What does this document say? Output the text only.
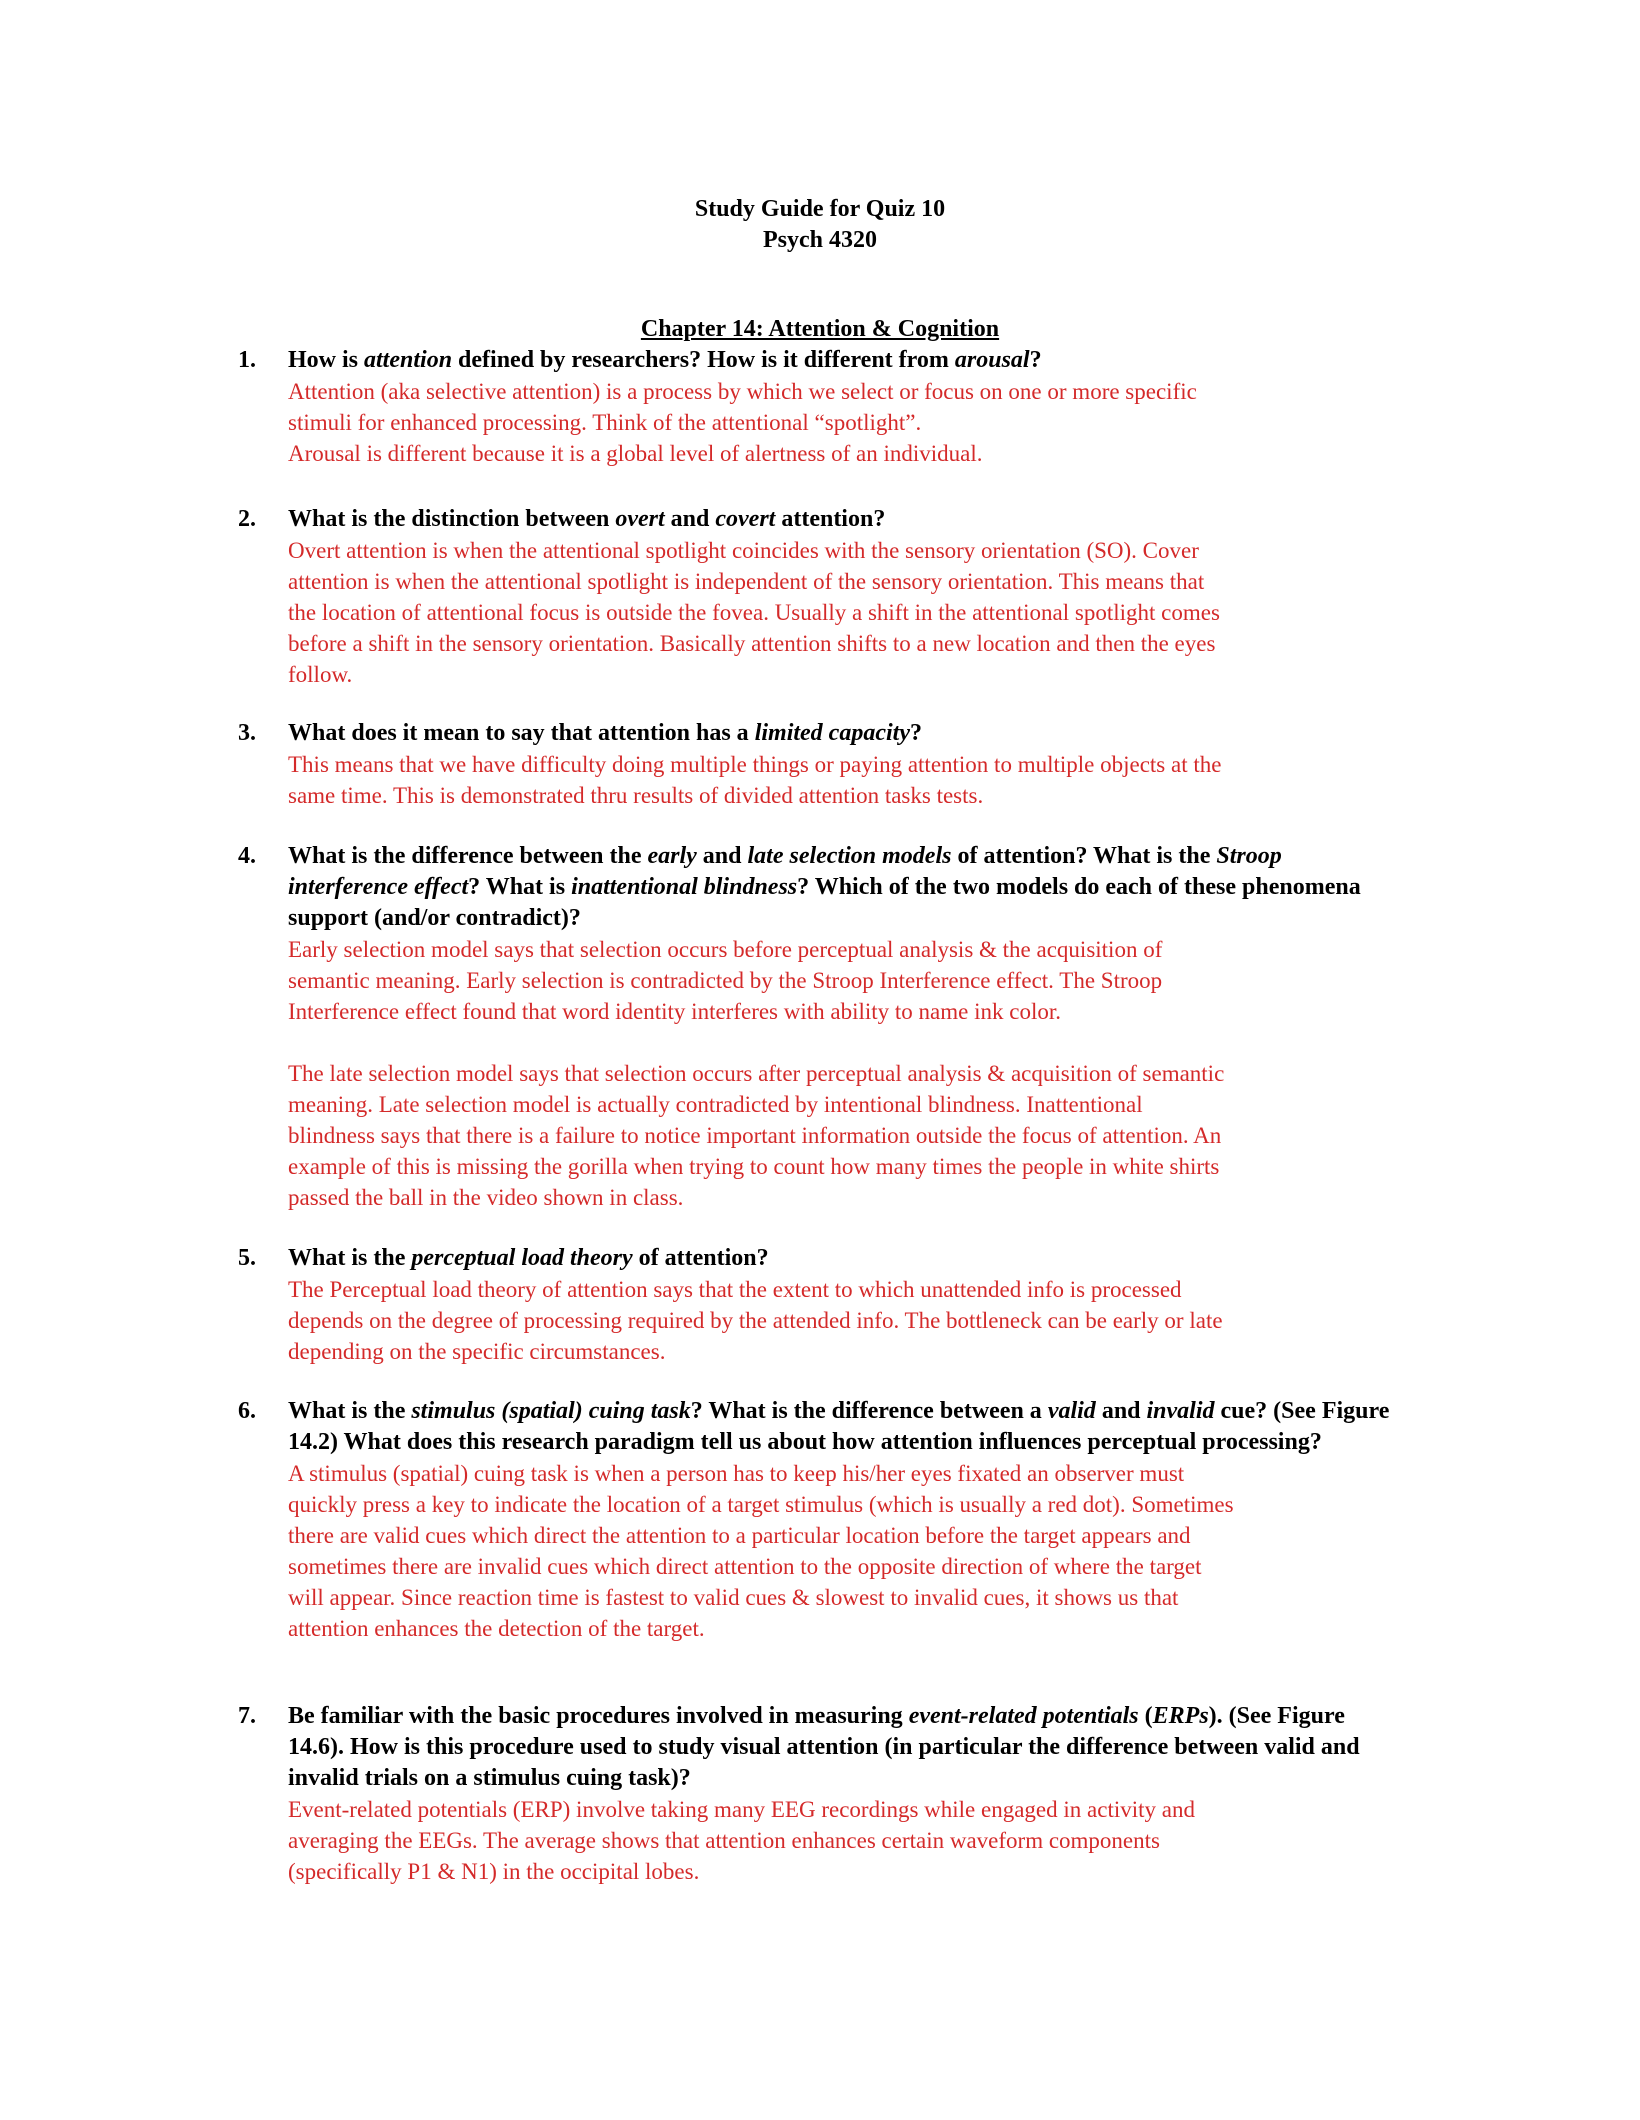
Study Guide for Quiz 10
Psych 4320
Chapter 14: Attention & Cognition
1. How is attention defined by researchers? How is it different from arousal?
Attention (aka selective attention) is a process by which we select or focus on one or more specific
stimuli for enhanced processing. Think of the attentional “spotlight”.
Arousal is different because it is a global level of alertness of an individual.
2. What is the distinction between overt and covert attention?
Overt attention is when the attentional spotlight coincides with the sensory orientation (SO). Cover
attention is when the attentional spotlight is independent of the sensory orientation. This means that
the location of attentional focus is outside the fovea. Usually a shift in the attentional spotlight comes
before a shift in the sensory orientation. Basically attention shifts to a new location and then the eyes
follow.
3. What does it mean to say that attention has a limited capacity?
This means that we have difficulty doing multiple things or paying attention to multiple objects at the
same time. This is demonstrated thru results of divided attention tasks tests.
4. What is the difference between the early and late selection models of attention? What is the Stroop interference effect? What is inattentional blindness? Which of the two models do each of these phenomena support (and/or contradict)?
Early selection model says that selection occurs before perceptual analysis & the acquisition of
semantic meaning. Early selection is contradicted by the Stroop Interference effect. The Stroop
Interference effect found that word identity interferes with ability to name ink color.
The late selection model says that selection occurs after perceptual analysis & acquisition of semantic
meaning. Late selection model is actually contradicted by intentional blindness. Inattentional
blindness says that there is a failure to notice important information outside the focus of attention. An
example of this is missing the gorilla when trying to count how many times the people in white shirts
passed the ball in the video shown in class.
5. What is the perceptual load theory of attention?
The Perceptual load theory of attention says that the extent to which unattended info is processed
depends on the degree of processing required by the attended info. The bottleneck can be early or late
depending on the specific circumstances.
6. What is the stimulus (spatial) cuing task? What is the difference between a valid and invalid cue? (See Figure 14.2) What does this research paradigm tell us about how attention influences perceptual processing?
A stimulus (spatial) cuing task is when a person has to keep his/her eyes fixated an observer must
quickly press a key to indicate the location of a target stimulus (which is usually a red dot). Sometimes
there are valid cues which direct the attention to a particular location before the target appears and
sometimes there are invalid cues which direct attention to the opposite direction of where the target
will appear. Since reaction time is fastest to valid cues & slowest to invalid cues, it shows us that
attention enhances the detection of the target.
7. Be familiar with the basic procedures involved in measuring event-related potentials (ERPs). (See Figure 14.6). How is this procedure used to study visual attention (in particular the difference between valid and invalid trials on a stimulus cuing task)?
Event-related potentials (ERP) involve taking many EEG recordings while engaged in activity and
averaging the EEGs. The average shows that attention enhances certain waveform components
(specifically P1 & N1) in the occipital lobes.
